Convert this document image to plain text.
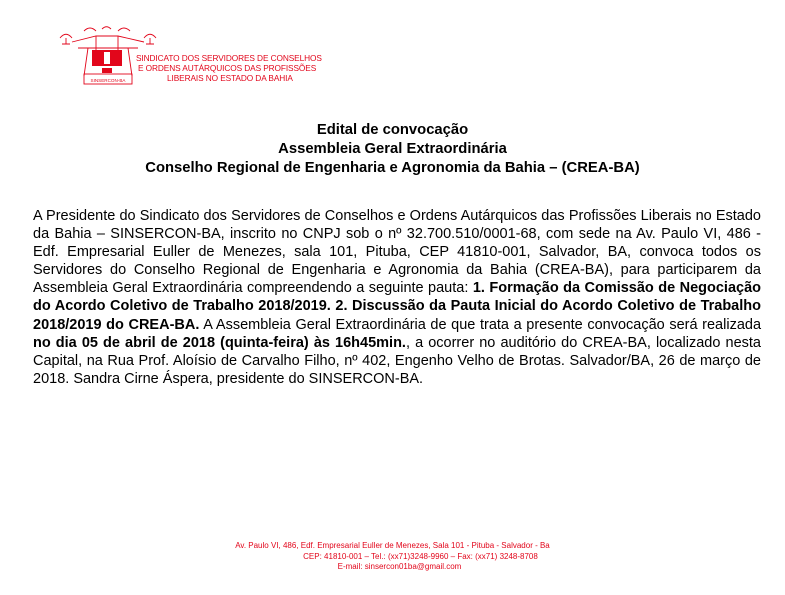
SINSERCON-BA
SINDICATO DOS SERVIDORES DE CONSELHOS
E ORDENS AUTÁRQUICOS DAS PROFISSÕES
LIBERAIS NO ESTADO DA BAHIA
Edital de convocação
Assembleia Geral Extraordinária
Conselho Regional de Engenharia e Agronomia da Bahia – (CREA-BA)
A Presidente do Sindicato dos Servidores de Conselhos e Ordens Autárquicos das Profissões Liberais no Estado da Bahia – SINSERCON-BA, inscrito no CNPJ sob o nº 32.700.510/0001-68, com sede na Av. Paulo VI, 486 - Edf. Empresarial Euller de Menezes, sala 101, Pituba, CEP 41810-001, Salvador, BA, convoca todos os Servidores do Conselho Regional de Engenharia e Agronomia da Bahia (CREA-BA), para participarem da Assembleia Geral Extraordinária compreendendo a seguinte pauta: 1. Formação da Comissão de Negociação do Acordo Coletivo de Trabalho 2018/2019. 2. Discussão da Pauta Inicial do Acordo Coletivo de Trabalho 2018/2019 do CREA-BA. A Assembleia Geral Extraordinária de que trata a presente convocação será realizada no dia 05 de abril de 2018 (quinta-feira) às 16h45min., a ocorrer no auditório do CREA-BA, localizado nesta Capital, na Rua Prof. Aloísio de Carvalho Filho, nº 402, Engenho Velho de Brotas. Salvador/BA, 26 de março de 2018. Sandra Cirne Áspera, presidente do SINSERCON-BA.
Av. Paulo VI, 486, Edf. Empresarial Euller de Menezes, Sala 101 - Pituba - Salvador - Ba
CEP: 41810-001 – Tel.: (xx71)3248-9960 – Fax: (xx71) 3248-8708
E-mail: sinsercon01ba@gmail.com
